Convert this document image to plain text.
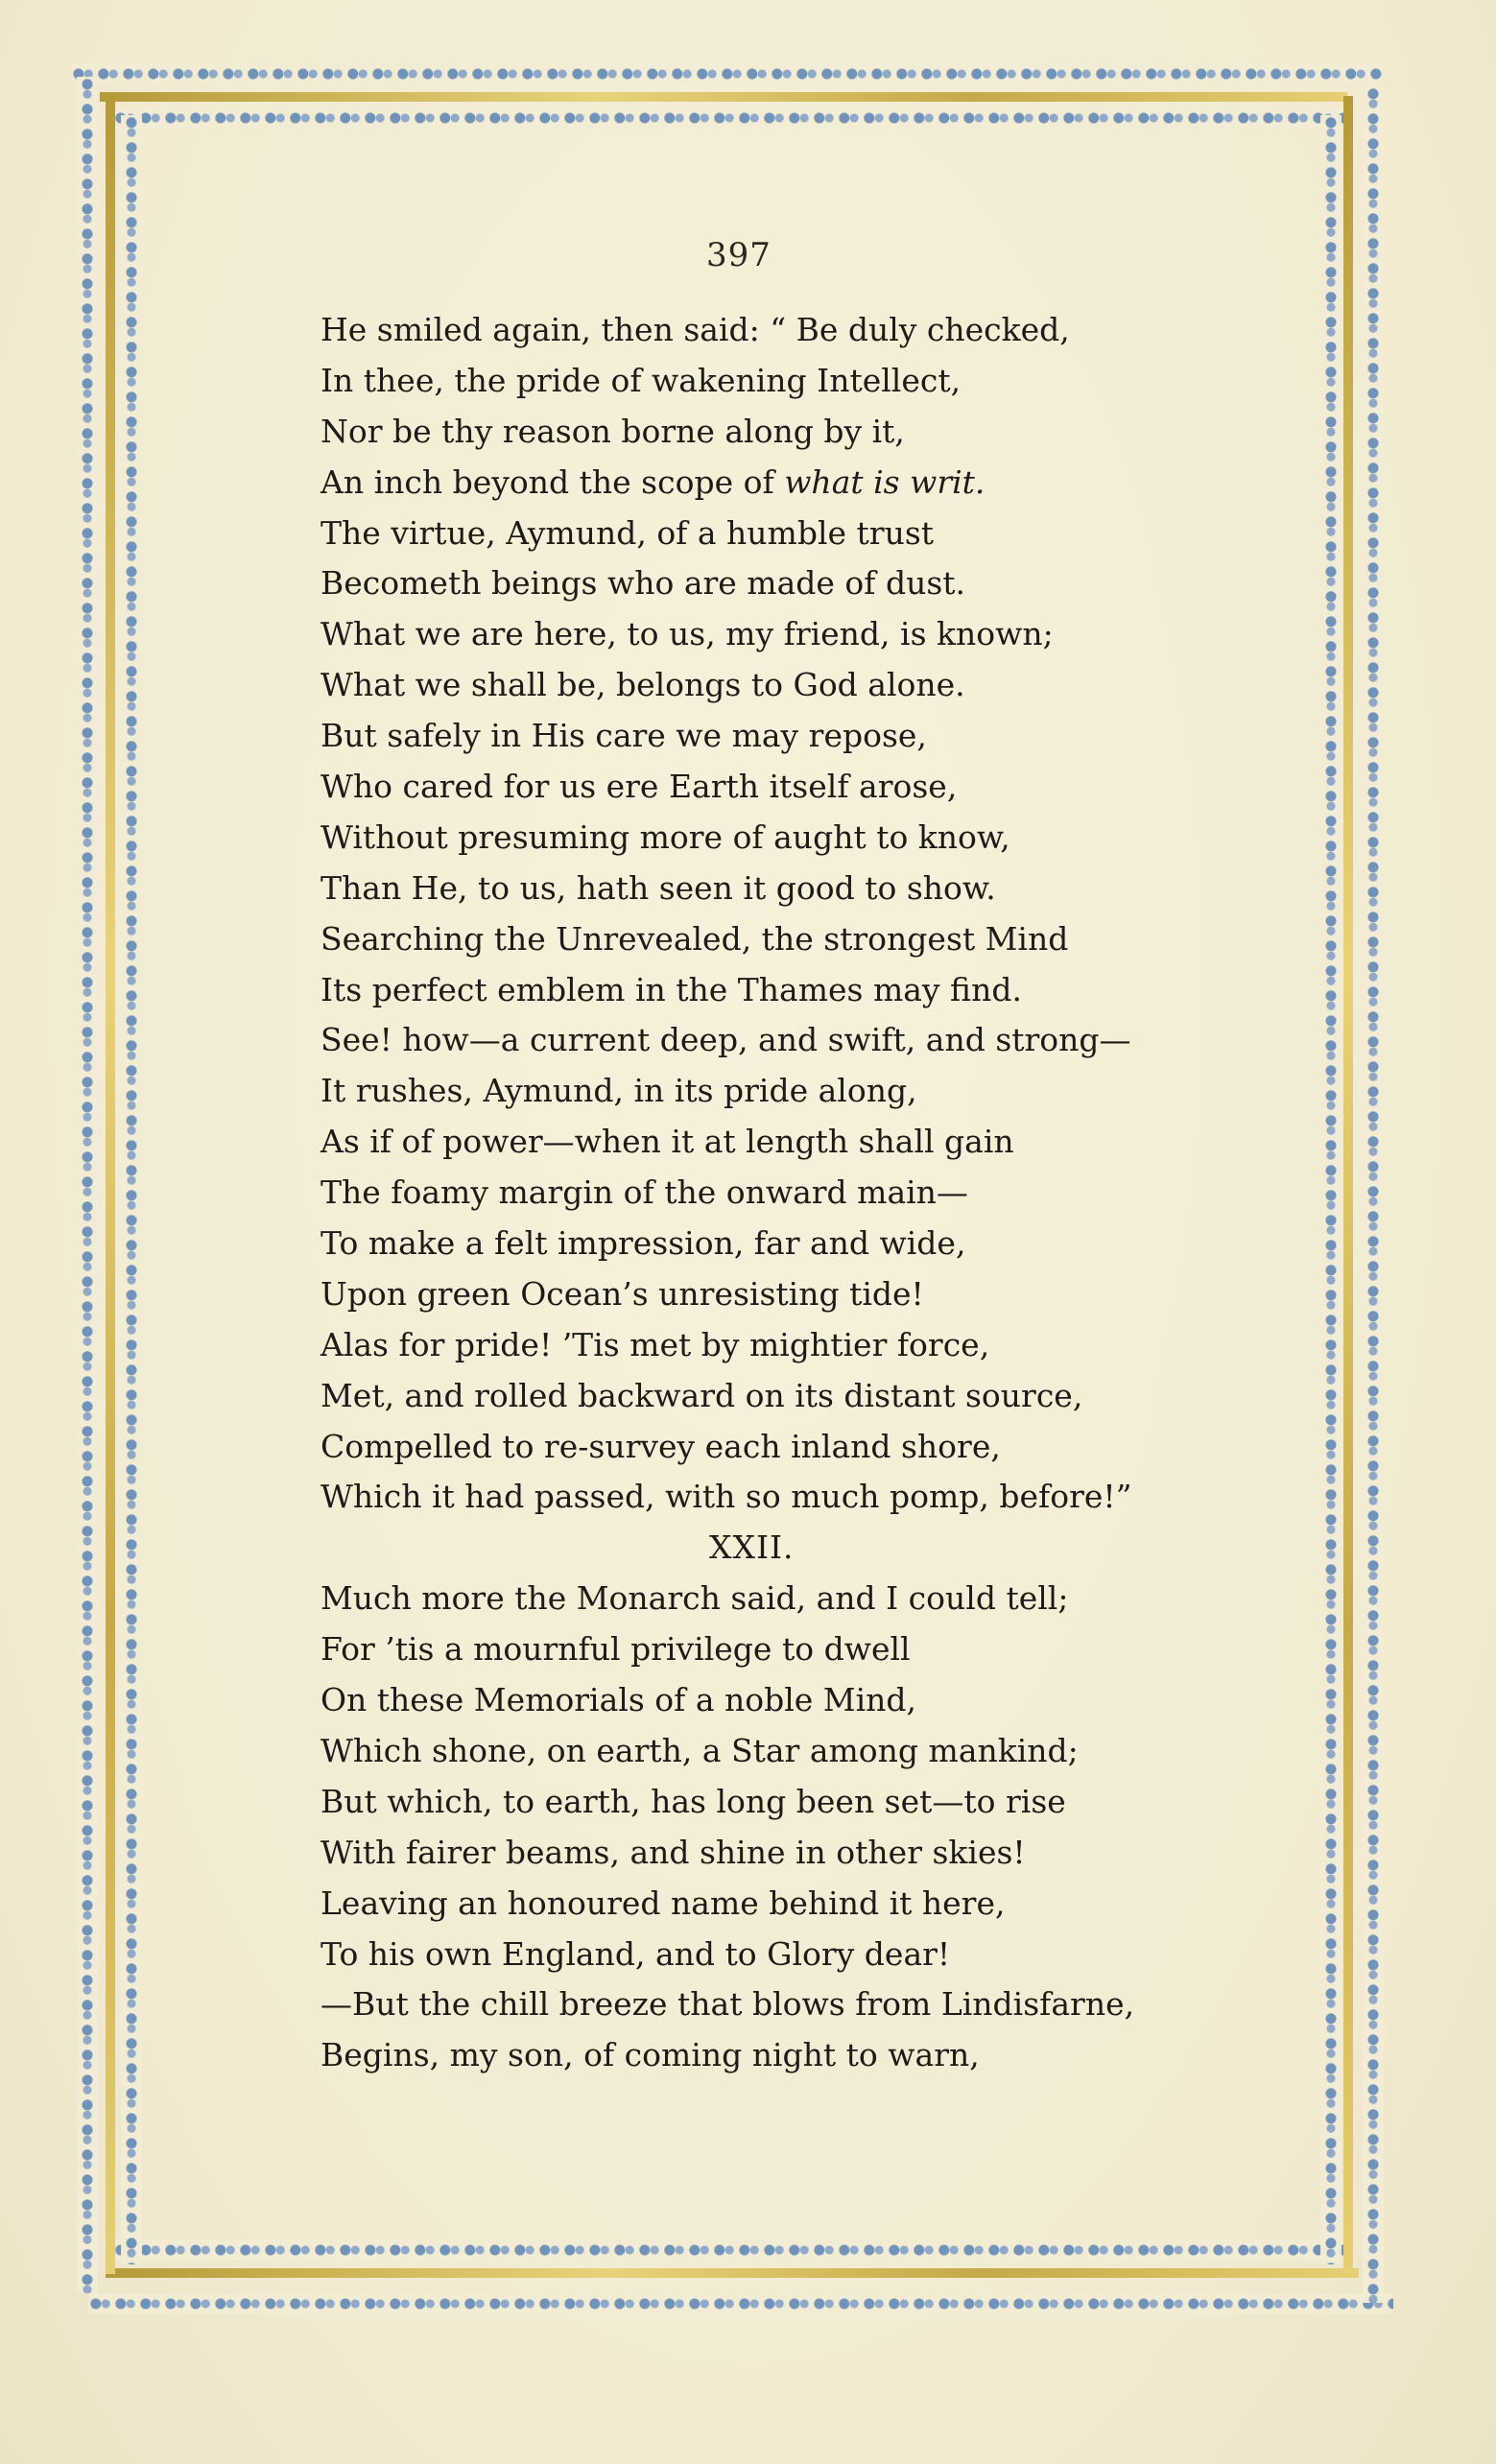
397
He smiled again, then said: “ Be duly checked,
In thee, the pride of wakening Intellect,
Nor be thy reason borne along by it,
An inch beyond the scope of what is writ.
The virtue, Aymund, of a humble trust
Becometh beings who are made of dust.
What we are here, to us, my friend, is known;
What we shall be, belongs to God alone.
But safely in His care we may repose,
Who cared for us ere Earth itself arose,
Without presuming more of aught to know,
Than He, to us, hath seen it good to show.
Searching the Unrevealed, the strongest Mind
Its perfect emblem in the Thames may find.
See! how—a current deep, and swift, and strong—
It rushes, Aymund, in its pride along,
As if of power—when it at length shall gain
The foamy margin of the onward main—
To make a felt impression, far and wide,
Upon green Ocean’s unresisting tide!
Alas for pride! ’Tis met by mightier force,
Met, and rolled backward on its distant source,
Compelled to re-survey each inland shore,
Which it had passed, with so much pomp, before!”
XXII.
Much more the Monarch said, and I could tell;
For ’tis a mournful privilege to dwell
On these Memorials of a noble Mind,
Which shone, on earth, a Star among mankind;
But which, to earth, has long been set—to rise
With fairer beams, and shine in other skies!
Leaving an honoured name behind it here,
To his own England, and to Glory dear!
—But the chill breeze that blows from Lindisfarne,
Begins, my son, of coming night to warn,
